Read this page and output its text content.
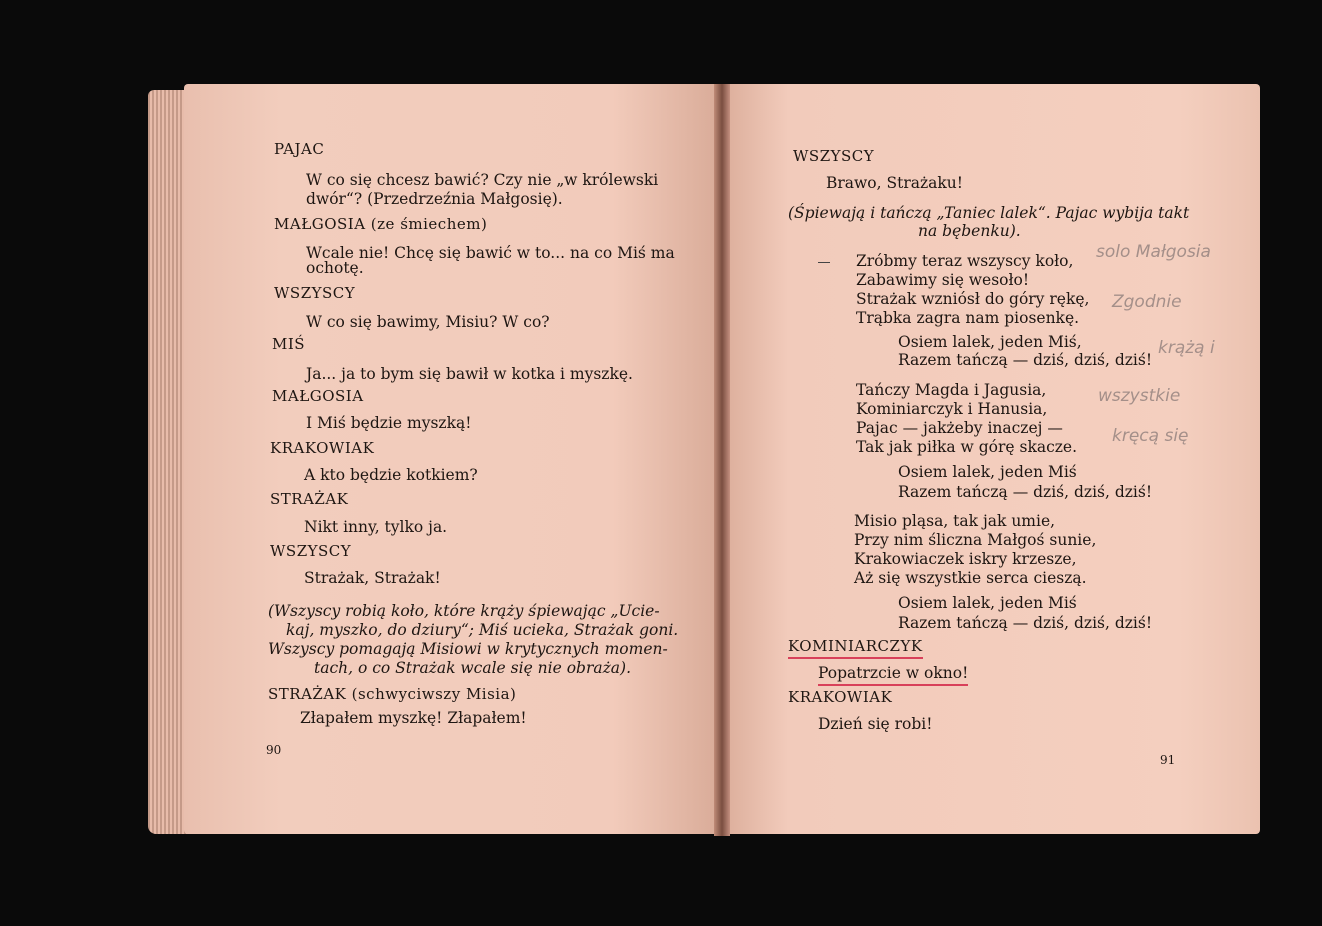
PAJAC
W co się chcesz bawić? Czy nie „w królewski
dwór“? (Przedrzeźnia Małgosię).
MAŁGOSIA (ze śmiechem)
Wcale nie! Chcę się bawić w to... na co Miś ma
ochotę.
WSZYSCY
W co się bawimy, Misiu? W co?
MIŚ
Ja... ja to bym się bawił w kotka i myszkę.
MAŁGOSIA
I Miś będzie myszką!
KRAKOWIAK
A kto będzie kotkiem?
STRAŻAK
Nikt inny, tylko ja.
WSZYSCY
Strażak, Strażak!
(Wszyscy robią koło, które krąży śpiewając „Ucie-
kaj, myszko, do dziury“; Miś ucieka, Strażak goni.
Wszyscy pomagają Misiowi w krytycznych momen-
tach, o co Strażak wcale się nie obraża).
STRAŻAK (schwyciwszy Misia)
Złapałem myszkę! Złapałem!
90
WSZYSCY
Brawo, Strażaku!
(Śpiewają i tańczą „Taniec lalek“. Pajac wybija takt
na bębenku).
Zróbmy teraz wszyscy koło,
Zabawimy się wesoło!
Strażak wzniósł do góry rękę,
Trąbka zagra nam piosenkę.
Osiem lalek, jeden Miś,
Razem tańczą — dziś, dziś, dziś!
Tańczy Magda i Jagusia,
Kominiarczyk i Hanusia,
Pajac — jakżeby inaczej —
Tak jak piłka w górę skacze.
Osiem lalek, jeden Miś
Razem tańczą — dziś, dziś, dziś!
Misio pląsa, tak jak umie,
Przy nim śliczna Małgoś sunie,
Krakowiaczek iskry krzesze,
Aż się wszystkie serca cieszą.
Osiem lalek, jeden Miś
Razem tańczą — dziś, dziś, dziś!
KOMINIARCZYK
Popatrzcie w okno!
KRAKOWIAK
Dzień się robi!
91
solo Małgosia
Zgodnie
krążą i
wszystkie
kręcą się
